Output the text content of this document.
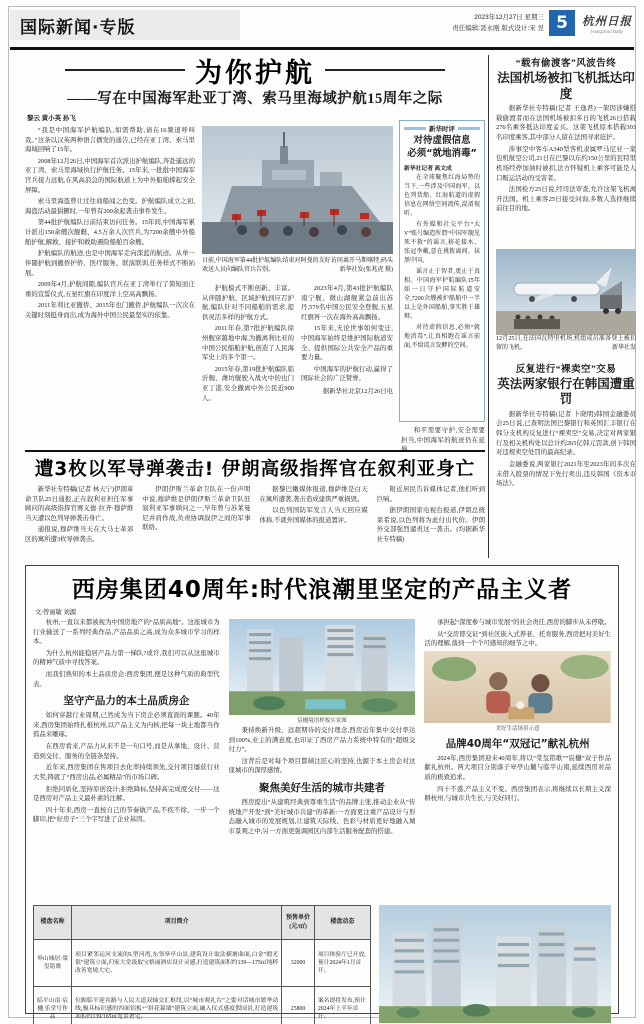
国际新闻·专版
2023年12月27日 星期三
责任编辑:聂永刚 版式设计:宋 昱 5	杭州日报
Hangzhou Daily
为你护航
——写在中国海军赴亚丁湾、索马里海域护航15周年之际
黎云 黄小英 孙飞

“我是中国海军护航编队,如需帮助,请在16频道呼叫我。”这条以汉英两种语言播发的通告,已经在亚丁湾、索马里海域回响了15年。

2008年12月26日,中国海军首次派出护航编队,奔赴遥远的亚丁湾、索马里海域执行护航任务。15年来,一批批中国海军官兵接力远航,在风高浪急的国际航道上为中外船舶撑起安全屏障。

索马里海盗曾让过往商船闻之色变。护航编队成立之初,海盗活动最猖獗时,一年曾有200余起袭击事件发生。

第44批护航编队日前结束访问任务。15年间,中国海军累计派出150余艘次舰艇、4.5万余人次官兵,为7200余艘中外船舶护航,解救、接护和救助遇险船舶百余艘。

护航编队的航迹,也是中国海军走向深蓝的航迹。从单一伴随护航到撤侨护侨、医疗服务、联演联训,任务样式不断拓展。

2009年4月,护航间隙,编队官兵在亚丁湾举行了简短而庄重的宣誓仪式,五星红旗在印度洋上空高高飘扬。

2011年利比亚撤侨、2015年也门撤侨,护航编队一次次在关键时刻挺身而出,成为海外中国公民最坚实的依靠。

日前,中国海军第44批护航编队结束对阿曼的友好访问离开马斯喀特,码头欢送人员向编队官兵告别。	新华社发(张兆虎 摄)

护航模式不断创新、丰富。从伴随护航、区域护航到应召护航,编队针对不同船舶的需求,提供灵活多样的护航方式。

2011年春,第7批护航编队徐州舰穿越地中海,为撤离利比亚的中国公民船舶护航,创造了人民海军史上的多个第一。

2015年春,第19批护航编队临沂舰、潍坊舰驶入战火中的也门亚丁港,安全撤离中外公民近900人。

2023年4月,第43批护航编队南宁舰、微山湖舰紧急前出苏丹,579名中国公民安全登舰,五星红旗再一次在海外高高飘扬。

15年来,无论世事如何变迁,中国海军始终是维护国际航道安全、提供国际公共安全产品的重要力量。

中国海军的护航行动,赢得了国际社会的广泛赞誉。

据新华社北京12月26日电
新华时评
对待虚假信息
必须“就地消毒”
新华社记者 高文成

在全球聚焦红海局势的当下,一些涉及中国海军、以色列货船、红海航道的虚假信息在网络空间流传,混淆视听。

有外媒和社交平台“大V”账号编造所谓“中国军舰见死不救”的谣言,移花接木、张冠李戴,意在挑拨离间、抹黑中国。

谣言止于智者,更止于真相。中国海军护航编队15年如一日守护国际航道安全,7200余艘被护船舶中一半以上是外国船舶,事实胜于雄辩。

对待虚假信息,必须“就地消毒”,让真相跑在谣言前面,不给谎言发酵的空间。

和平需要守护,安全需要担当,中国海军的航迹仍在延伸。

“载有偷渡客”风波告终
法国机场被扣飞机抵达印度

据新华社专特稿(记者 王逸君)一架因涉嫌搭载偷渡者而在法国机场被扣多日的飞机26日搭载276名乘客抵达印度孟买。这架飞机原本搭载303名印度乘客,其中部分人留在法国寻求庇护。

涉事空中客车A340型客机隶属罗马尼亚一家包机航空公司,21日在巴黎以东约150公里的瓦特里机场经停加油时被扣,法方怀疑机上乘客可能是人口贩运活动的受害者。

法国检方25日说,经司法审查,允许这架飞机离开法国。机上乘客25日接受问询,多数人选择继续前往目的地。

12月25日,在法国瓦特里机场,机组成员准备登上被扣留的飞机。	新华社发
反复进行“裸卖空”交易
英法两家银行在韩国遭重罚

据新华社专特稿(记者 卜晓明)韩国金融委员会25日说,已查明法国巴黎银行和英国汇丰银行在韩分支机构反复进行“裸卖空”交易,决定对两家银行及相关机构处以总计约265亿韩元罚款,创下韩国对违规卖空处罚的最高纪录。

金融委说,两家银行2021年至2023年间多次在未借入股票的情况下先行卖出,违反韩国《资本市场法》。

遭3枚以军导弹袭击! 伊朗高级指挥官在叙利亚身亡

新华社专特稿(记者 林天宁)伊朗革命卫队25日通报,正在叙利亚担任军事顾问的高级指挥官赛义德·拉齐·穆萨维当天遭以色列导弹袭击身亡。

通报说,穆萨维当天在大马士革郊区的寓所遭3枚导弹袭击。

伊朗伊斯兰革命卫队在一份声明中说,穆萨维是伊朗伊斯兰革命卫队驻叙利亚军事顾问之一,早年曾与苏莱曼尼并肩作战,负责协调叙伊之间的军事联络。

据黎巴嫩媒体报道,穆萨维是白天在寓所遭袭,袭击造成建筑严重损毁。

以色列国防军发言人当天回应媒体称,不就外国媒体的报道置评。

附近居民告诉媒体记者,他们听到巨响。

据伊朗国家电视台报道,伊朗总统莱希说,以色列将为此付出代价。伊朗外交部强烈谴责这一袭击。(均据新华社专特稿)

西房集团40周年:时代浪潮里坚定的产品主义者
文/曾丽敏 刘源

杭州,一直以来都被视为中国房地产的“品质高地”。这座城市为行业输送了一系列经典作品,产品品质之高,成为众多城市学习的样本。

为什么杭州能稳居产品力第一梯队?或许,我们可以从这座城市的精神气质中寻找答案。

而我们熟知的本土品质房企:西房集团,便是这种气质的典型代表。

坚守产品力的本土品质房企

如何穿越行业周期,已然成为当下房企必须直面的课题。40年来,西房集团始终扎根杭州,以产品主义为内核,把每一块土地都当作孤品来雕琢。

在西房看来,产品力从来不是一句口号,而是从拿地、设计、营造到交付、服务的全链条坚持。

近年来,西房集团在售项目去化率持续领先,交付项目屡获行业大奖,铸就了“西房出品,必属精品”的市场口碑。

拒绝同质化,坚持原创设计;拒绝降标,坚持高完成度交付——这是西房对产品主义最朴素的注解。

四十年来,西房一直按自己的节奏做产品,不疾不徐、一步一个脚印,把“好房子”三个字写进了企业基因。

宸樾境语样板实景图

秉持焕新升级、远超期待的交付理念,西房近年集中交付率达到100%,业主的满意度,也印证了西房产品力系统中特有的“超级交付力”。

这背后是对每个项目都倾注匠心的坚持,也源于本土房企对这座城市的深厚感情。

聚焦美好生活的城市共建者

西房提出“从建筑经典到尊重生活”的品牌主张,推动企业从“传统地产开发”到“美好城市共建”的革新:一方面更注重产品设计与形态融入城市的发展规划,让建筑天际线、色彩与材质更好地融入城市景观之中;另一方面更强调园区内部生活服务配套的搭建。

承担起“深度参与城市发展”的社会责任,西房的脚步从未停歇。

从“交房即交证”到社区嵌入式养老、托育服务,西房把对美好生活的理解,落到一个个可感知的细节之中。

美好生活场景示意
品牌40周年“双冠记”献礼杭州

2024年,西房集团迎来40周年,将以“棠玺铭歌”“宸樾”双子作品献礼杭州。两大项目分别落子皋亭山麓与临平山南,延续西房对品质的极致追求。

四十不惑,产品主义不变。西房集团表示,将继续以长期主义深耕杭州,与城市共生长,与美好同行。

楼盘名称	项目简介	预售单价(元/㎡)	楼盘动态
皋山城居·棠玺铭歌	项目紧邻运河支流的L型河湾,东邻皋亭山景,建筑设计取法横塘曲面,白金“缎光银”建筑立面,归家大堂汲取宝格丽酒店设计灵感,打造建筑面积约139—175㎡纯粹改善宽境大宅。	32000	项目体验厅已开放,预计2024年1月首开。
临平山南·宸樾 乐堂号作品	位踞临平迎宾路与人民大道双轴交汇枢纽,以“城市观礼台”之姿对话城市繁华动线,极具标识感的四面铝板+“拼花幕墙”建筑立面,融入仪式感度假园景,打造建筑面积约139/165㎡宽景奢宅。	25800	案名即将发布,预计2024年上半年首开。
